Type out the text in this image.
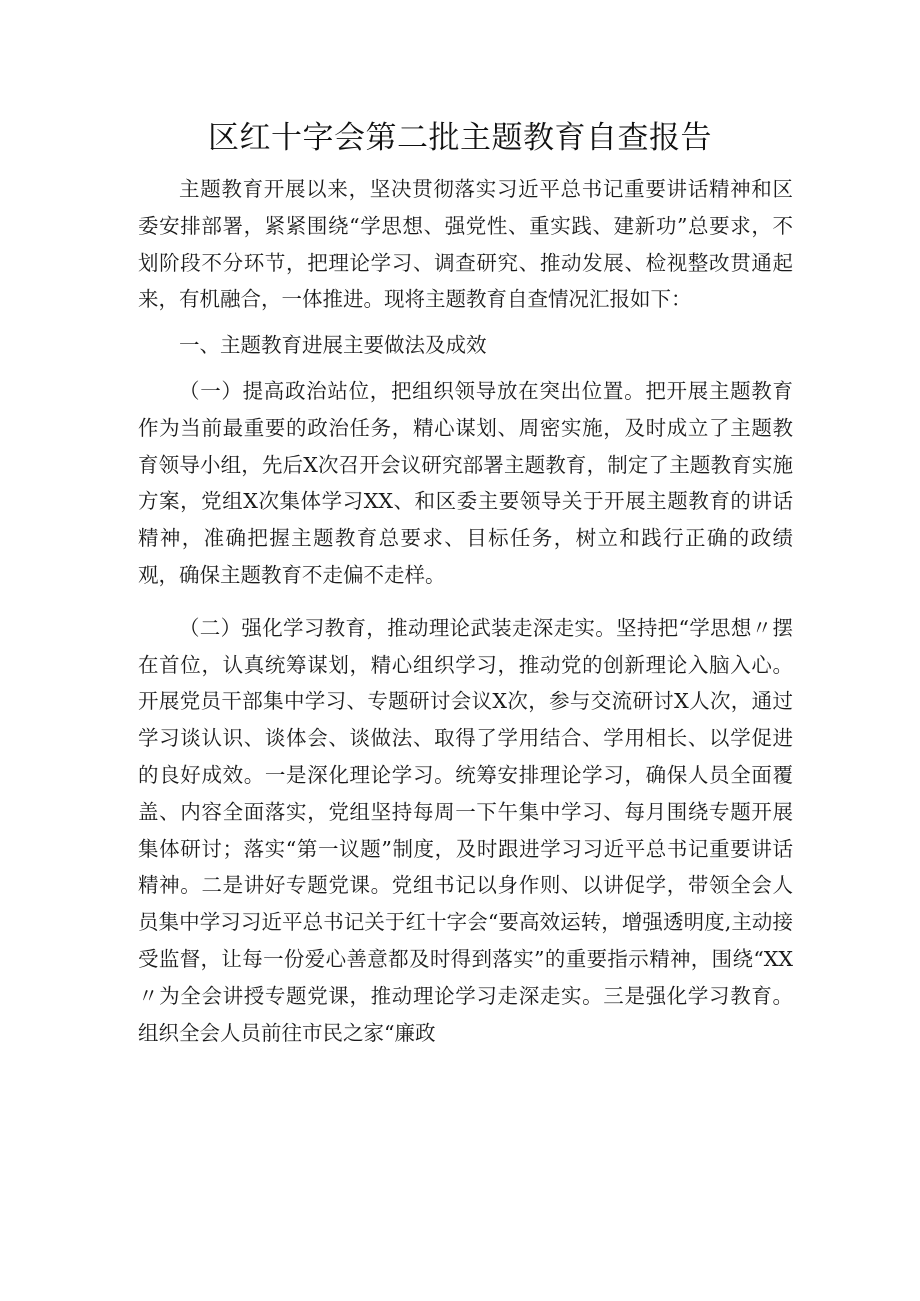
区红十字会第二批主题教育自查报告

主题教育开展以来，坚决贯彻落实习近平总书记重要讲话精神和区委安排部署，紧紧围绕“学思想、强党性、重实践、建新功”总要求，不划阶段不分环节，把理论学习、调查研究、推动发展、检视整改贯通起来，有机融合，一体推进。现将主题教育自查情况汇报如下：

一、主题教育进展主要做法及成效

（一）提高政治站位，把组织领导放在突出位置。把开展主题教育作为当前最重要的政治任务，精心谋划、周密实施，及时成立了主题教育领导小组，先后X次召开会议研究部署主题教育，制定了主题教育实施方案，党组X次集体学习XX、和区委主要领导关于开展主题教育的讲话精神，准确把握主题教育总要求、目标任务，树立和践行正确的政绩观，确保主题教育不走偏不走样。

（二）强化学习教育，推动理论武装走深走实。坚持把“学思想〃摆在首位，认真统筹谋划，精心组织学习，推动党的创新理论入脑入心。开展党员干部集中学习、专题研讨会议X次，参与交流研讨X人次，通过学习谈认识、谈体会、谈做法、取得了学用结合、学用相长、以学促进的良好成效。一是深化理论学习。统筹安排理论学习，确保人员全面覆盖、内容全面落实，党组坚持每周一下午集中学习、每月围绕专题开展集体研讨；落实“第一议题”制度，及时跟进学习习近平总书记重要讲话精神。二是讲好专题党课。党组书记以身作则、以讲促学，带领全会人员集中学习习近平总书记关于红十字会“要高效运转，增强透明度,主动接受监督，让每一份爱心善意都及时得到落实”的重要指示精神，围绕“XX〃为全会讲授专题党课，推动理论学习走深走实。三是强化学习教育。组织全会人员前往市民之家“廉政
